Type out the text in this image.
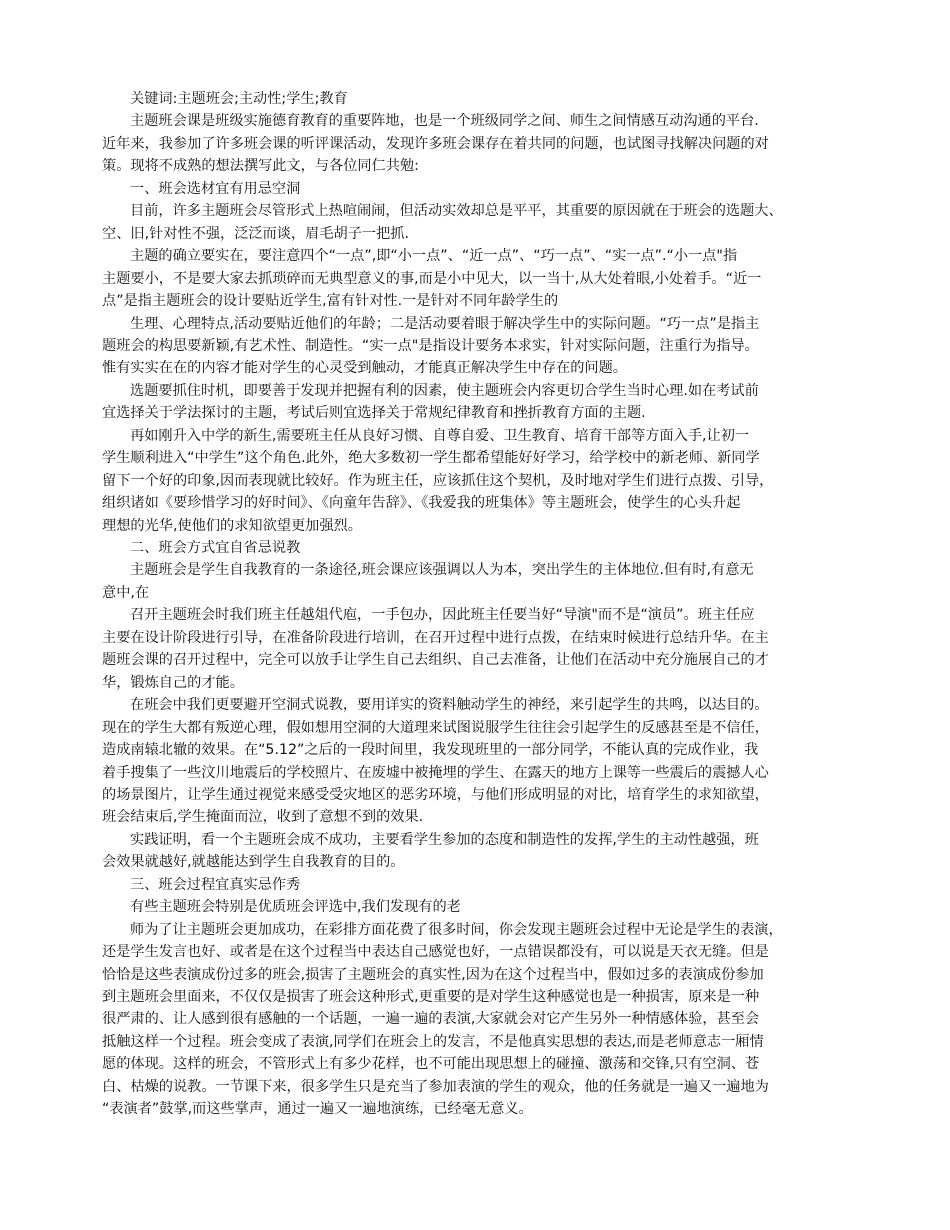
关键词:主题班会;主动性;学生;教育
主题班会课是班级实施德育教育的重要阵地，也是一个班级同学之间、师生之间情感互动沟通的平台.
近年来，我参加了许多班会课的听评课活动，发现许多班会课存在着共同的问题，也试图寻找解决问题的对
策。现将不成熟的想法撰写此文，与各位同仁共勉:
一、班会选材宜有用忌空洞
目前，许多主题班会尽管形式上热喧闹闹，但活动实效却总是平平，其重要的原因就在于班会的选题大、
空、旧,针对性不强，泛泛而谈，眉毛胡子一把抓.
主题的确立要实在，要注意四个“一点”,即“小一点”、“近一点”、“巧一点”、“实一点”.“小一点"指
主题要小，不是要大家去抓琐碎而无典型意义的事,而是小中见大，以一当十,从大处着眼,小处着手。“近一
点”是指主题班会的设计要贴近学生,富有针对性.一是针对不同年龄学生的
生理、心理特点,活动要贴近他们的年龄；二是活动要着眼于解决学生中的实际问题。“巧一点”是指主
题班会的构思要新颖,有艺术性、制造性。“实一点"是指设计要务本求实，针对实际问题，注重行为指导。
惟有实实在在的内容才能对学生的心灵受到触动，才能真正解决学生中存在的问题。
选题要抓住时机，即要善于发现并把握有利的因素，使主题班会内容更切合学生当时心理.如在考试前
宜选择关于学法探讨的主题，考试后则宜选择关于常规纪律教育和挫折教育方面的主题.
再如刚升入中学的新生,需要班主任从良好习惯、自尊自爱、卫生教育、培育干部等方面入手,让初一
学生顺利进入“中学生”这个角色.此外，绝大多数初一学生都希望能好好学习，给学校中的新老师、新同学
留下一个好的印象,因而表现就比较好。作为班主任，应该抓住这个契机，及时地对学生们进行点拨、引导，
组织诸如《要珍惜学习的好时间》、《向童年告辞》、《我爱我的班集体》等主题班会，使学生的心头升起
理想的光华,使他们的求知欲望更加强烈。
二、班会方式宜自省忌说教
主题班会是学生自我教育的一条途径,班会课应该强调以人为本，突出学生的主体地位.但有时,有意无
意中,在
召开主题班会时我们班主任越俎代庖，一手包办，因此班主任要当好“导演"而不是“演员”。班主任应
主要在设计阶段进行引导，在准备阶段进行培训，在召开过程中进行点拨，在结束时候进行总结升华。在主
题班会课的召开过程中，完全可以放手让学生自己去组织、自己去准备，让他们在活动中充分施展自己的才
华，锻炼自己的才能。
在班会中我们更要避开空洞式说教，要用详实的资料触动学生的神经，来引起学生的共鸣，以达目的。
现在的学生大都有叛逆心理，假如想用空洞的大道理来试图说服学生往往会引起学生的反感甚至是不信任，
造成南辕北辙的效果。在“5.12”之后的一段时间里，我发现班里的一部分同学，不能认真的完成作业，我
着手搜集了一些汶川地震后的学校照片、在废墟中被掩埋的学生、在露天的地方上课等一些震后的震撼人心
的场景图片，让学生通过视觉来感受受灾地区的恶劣环境，与他们形成明显的对比，培育学生的求知欲望，
班会结束后,学生掩面而泣，收到了意想不到的效果.
实践证明，看一个主题班会成不成功，主要看学生参加的态度和制造性的发挥,学生的主动性越强，班
会效果就越好,就越能达到学生自我教育的目的。
三、班会过程宜真实忌作秀
有些主题班会特别是优质班会评选中,我们发现有的老
师为了让主题班会更加成功，在彩排方面花费了很多时间，你会发现主题班会过程中无论是学生的表演，
还是学生发言也好、或者是在这个过程当中表达自己感觉也好，一点错误都没有，可以说是天衣无缝。但是
恰恰是这些表演成份过多的班会,损害了主题班会的真实性,因为在这个过程当中，假如过多的表演成份参加
到主题班会里面来，不仅仅是损害了班会这种形式,更重要的是对学生这种感觉也是一种损害，原来是一种
很严肃的、让人感到很有感触的一个话题，一遍一遍的表演,大家就会对它产生另外一种情感体验，甚至会
抵触这样一个过程。班会变成了表演,同学们在班会上的发言，不是他真实思想的表达,而是老师意志一厢情
愿的体现。这样的班会，不管形式上有多少花样，也不可能出现思想上的碰撞、激荡和交锋,只有空洞、苍
白、枯燥的说教。一节课下来，很多学生只是充当了参加表演的学生的观众，他的任务就是一遍又一遍地为
“表演者”鼓掌,而这些掌声，通过一遍又一遍地演练，已经毫无意义。
